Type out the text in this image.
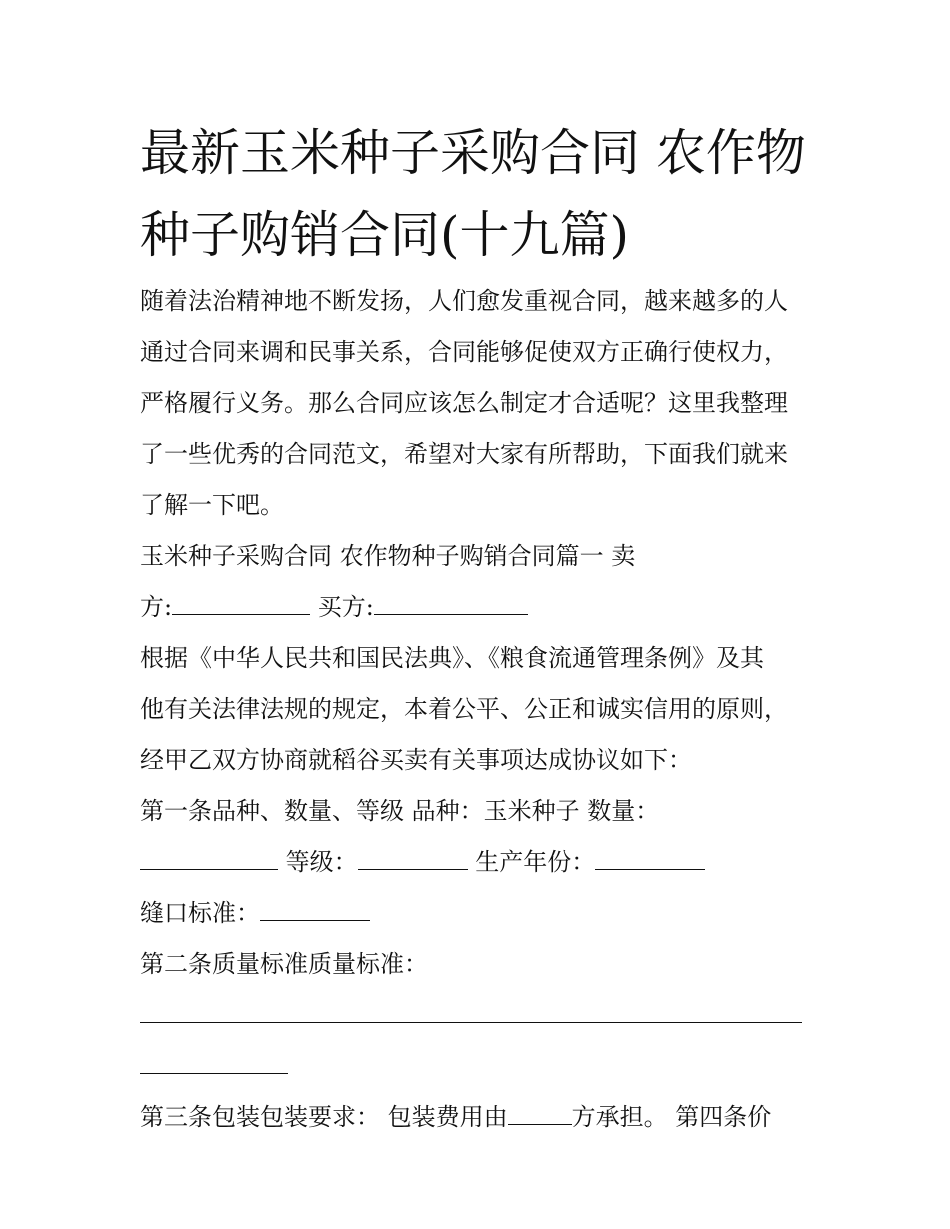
最新玉米种子采购合同 农作物
种子购销合同(十九篇)

随着法治精神地不断发扬，人们愈发重视合同，越来越多的人

通过合同来调和民事关系，合同能够促使双方正确行使权力，

严格履行义务。那么合同应该怎么制定才合适呢？这里我整理

了一些优秀的合同范文，希望对大家有所帮助，下面我们就来

了解一下吧。

玉米种子采购合同 农作物种子购销合同篇一 卖

方:	买方:

根据《中华人民共和国民法典》、《粮食流通管理条例》及其

他有关法律法规的规定，本着公平、公正和诚实信用的原则，

经甲乙双方协商就稻谷买卖有关事项达成协议如下：

第一条品种、数量、等级 品种：玉米种子 数量：

等级：	生产年份：

缝口标准：

第二条质量标准质量标准：

第三条包装包装要求： 包装费用由	方承担。 第四条价
